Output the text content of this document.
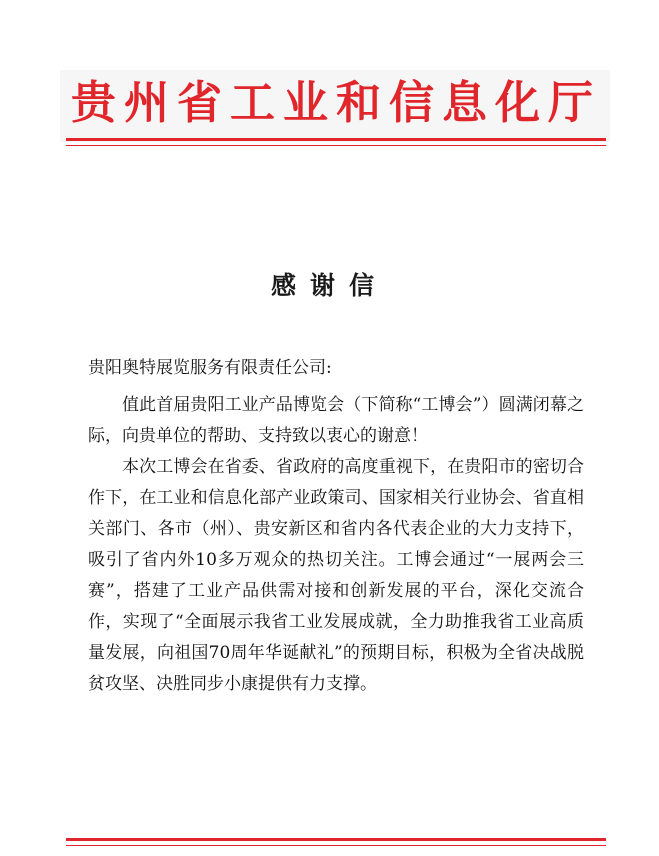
贵州省工业和信息化厅
感谢信
贵阳奥特展览服务有限责任公司:

值此首届贵阳工业产品博览会（下简称“工博会”）圆满闭幕之际，向贵单位的帮助、支持致以衷心的谢意！

本次工博会在省委、省政府的高度重视下，在贵阳市的密切合作下，在工业和信息化部产业政策司、国家相关行业协会、省直相关部门、各市（州）、贵安新区和省内各代表企业的大力支持下，吸引了省内外10多万观众的热切关注。工博会通过“一展两会三赛”，搭建了工业产品供需对接和创新发展的平台，深化交流合作，实现了“全面展示我省工业发展成就，全力助推我省工业高质量发展，向祖国70周年华诞献礼”的预期目标，积极为全省决战脱贫攻坚、决胜同步小康提供有力支撑。
